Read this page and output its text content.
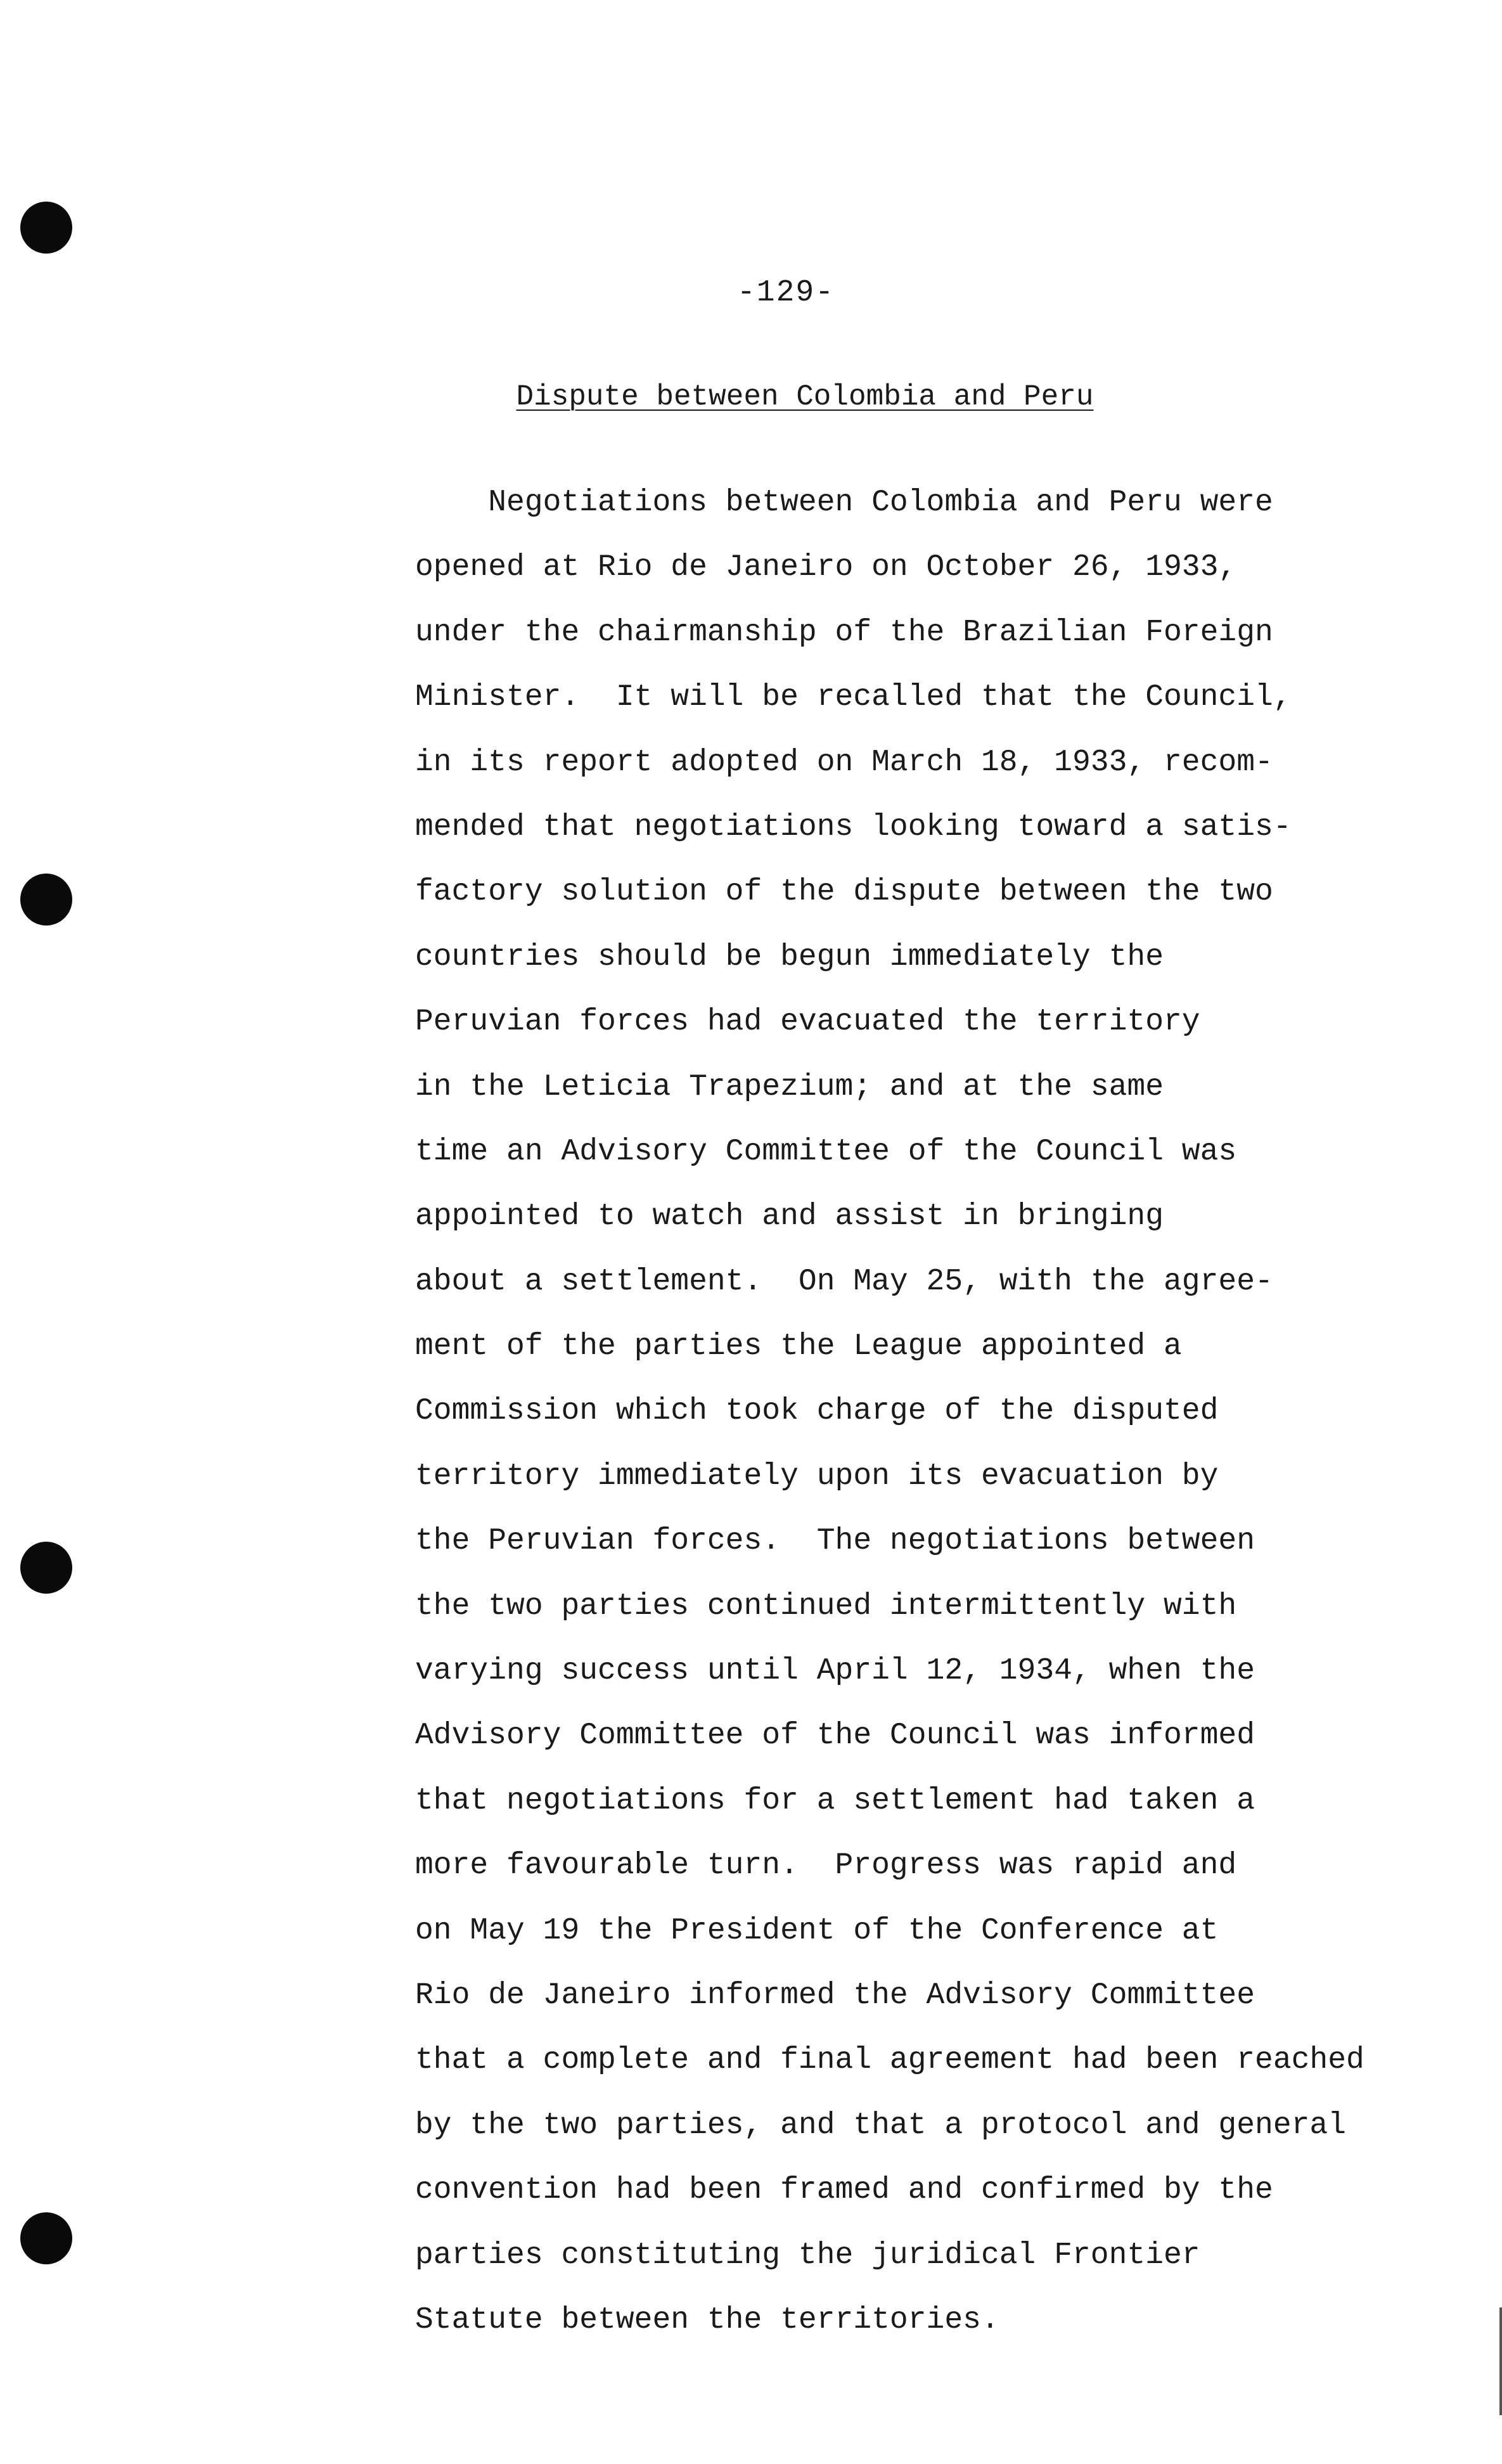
-129-
Dispute between Colombia and Peru
Negotiations between Colombia and Peru were
opened at Rio de Janeiro on October 26, 1933,
under the chairmanship of the Brazilian Foreign
Minister.  It will be recalled that the Council,
in its report adopted on March 18, 1933, recom-
mended that negotiations looking toward a satis-
factory solution of the dispute between the two
countries should be begun immediately the
Peruvian forces had evacuated the territory
in the Leticia Trapezium; and at the same
time an Advisory Committee of the Council was
appointed to watch and assist in bringing
about a settlement.  On May 25, with the agree-
ment of the parties the League appointed a
Commission which took charge of the disputed
territory immediately upon its evacuation by
the Peruvian forces.  The negotiations between
the two parties continued intermittently with
varying success until April 12, 1934, when the
Advisory Committee of the Council was informed
that negotiations for a settlement had taken a
more favourable turn.  Progress was rapid and
on May 19 the President of the Conference at
Rio de Janeiro informed the Advisory Committee
that a complete and final agreement had been reached
by the two parties, and that a protocol and general
convention had been framed and confirmed by the
parties constituting the juridical Frontier
Statute between the territories.
